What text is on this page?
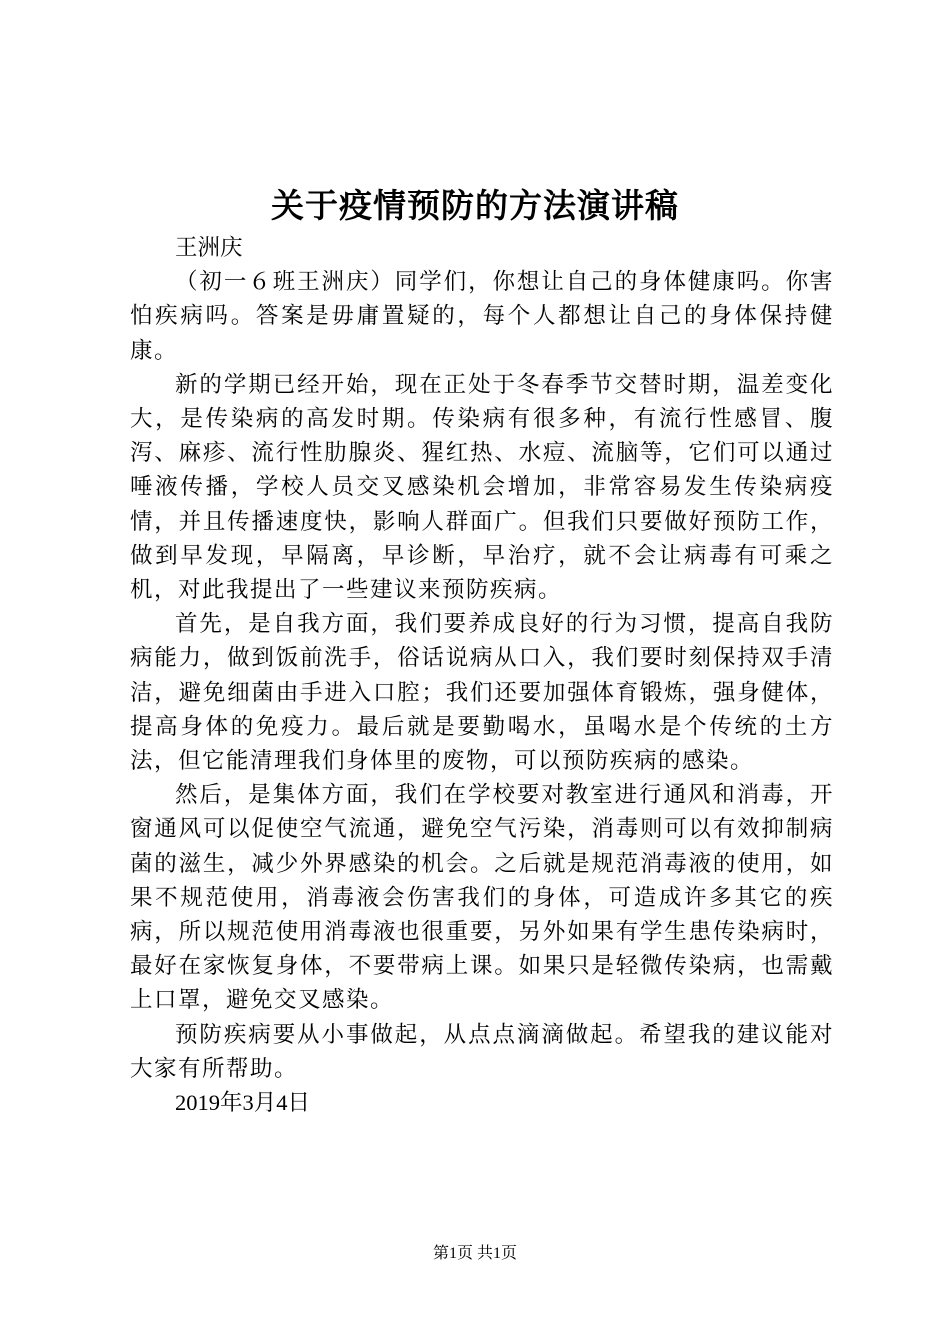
关于疫情预防的方法演讲稿

王洲庆

（初一６班王洲庆）同学们，你想让自己的身体健康吗。你害怕疾病吗。答案是毋庸置疑的，每个人都想让自己的身体保持健康。

新的学期已经开始，现在正处于冬春季节交替时期，温差变化大，是传染病的高发时期。传染病有很多种，有流行性感冒、腹泻、麻疹、流行性肋腺炎、猩红热、水痘、流脑等，它们可以通过唾液传播，学校人员交叉感染机会增加，非常容易发生传染病疫情，并且传播速度快，影响人群面广。但我们只要做好预防工作，做到早发现，早隔离，早诊断，早治疗，就不会让病毒有可乘之机，对此我提出了一些建议来预防疾病。

首先，是自我方面，我们要养成良好的行为习惯，提高自我防病能力，做到饭前洗手，俗话说病从口入，我们要时刻保持双手清洁，避免细菌由手进入口腔；我们还要加强体育锻炼，强身健体，提高身体的免疫力。最后就是要勤喝水，虽喝水是个传统的土方法，但它能清理我们身体里的废物，可以预防疾病的感染。

然后，是集体方面，我们在学校要对教室进行通风和消毒，开窗通风可以促使空气流通，避免空气污染，消毒则可以有效抑制病菌的滋生，减少外界感染的机会。之后就是规范消毒液的使用，如果不规范使用，消毒液会伤害我们的身体，可造成许多其它的疾病，所以规范使用消毒液也很重要，另外如果有学生患传染病时，最好在家恢复身体，不要带病上课。如果只是轻微传染病，也需戴上口罩，避免交叉感染。

预防疾病要从小事做起，从点点滴滴做起。希望我的建议能对大家有所帮助。

2019年3月4日

第1页 共1页
